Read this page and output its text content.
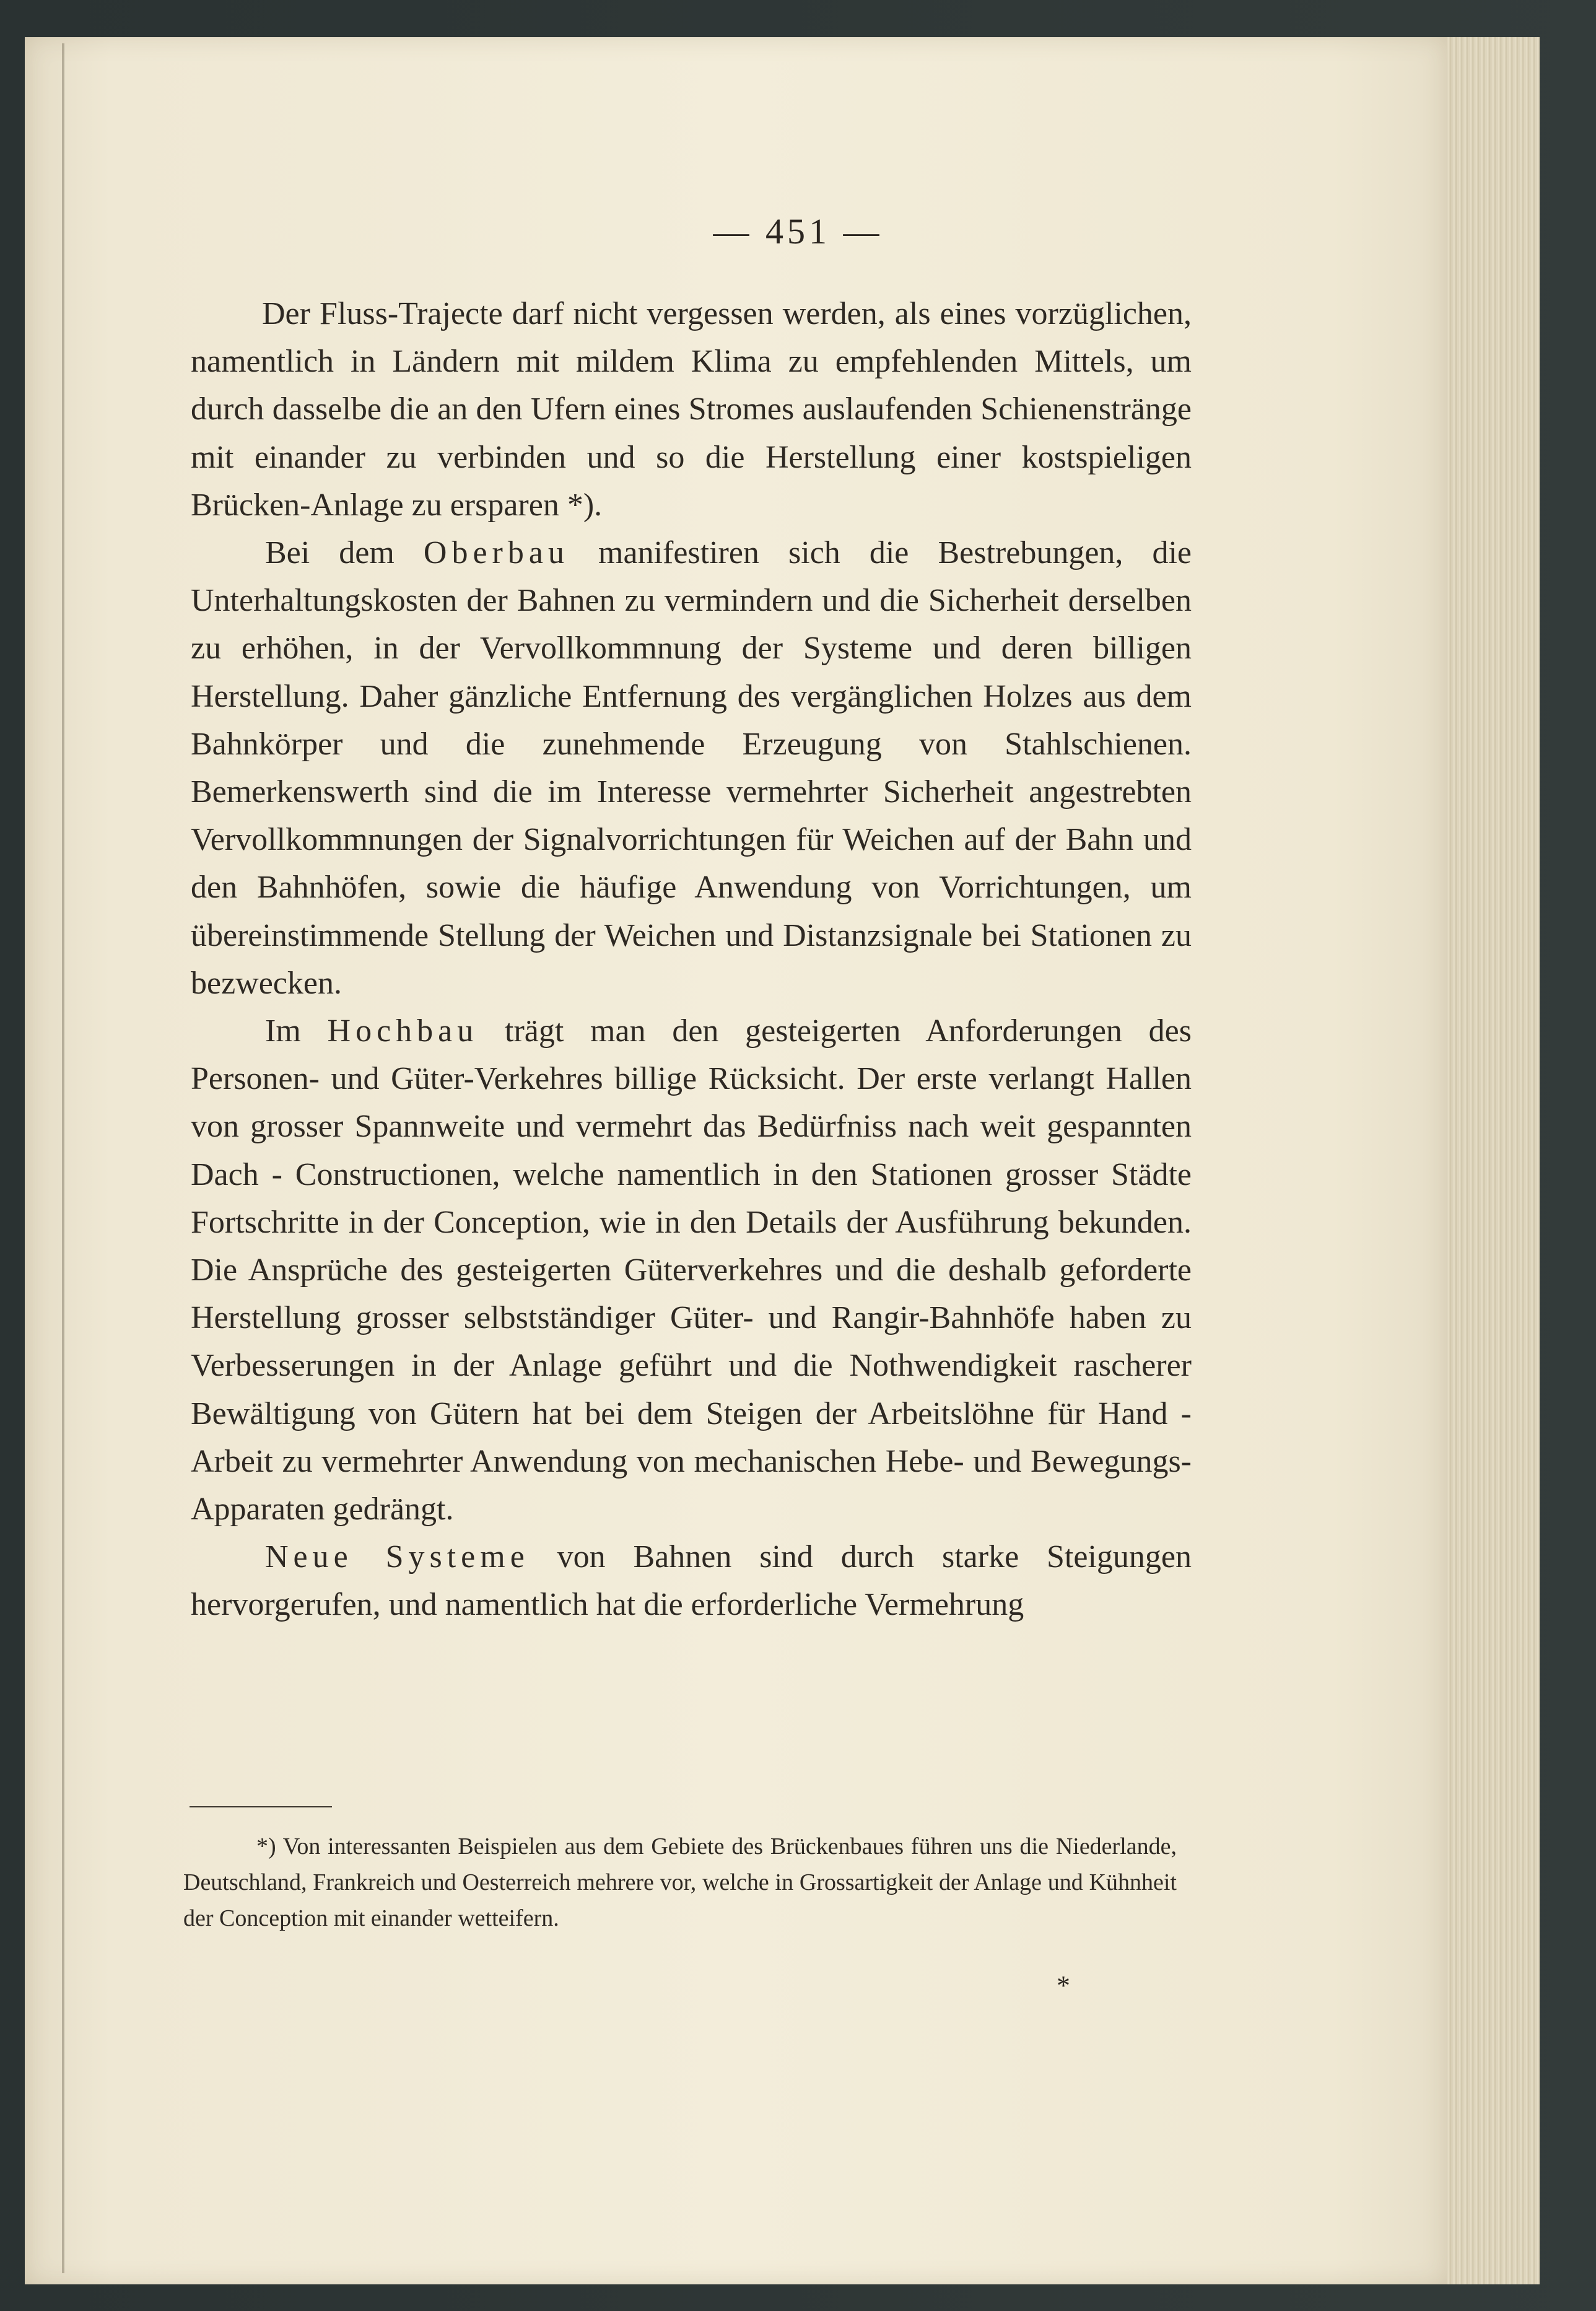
— 451 —

Der Fluss-Trajecte darf nicht vergessen werden, als eines vorzüglichen, namentlich in Ländern mit mildem Klima zu empfehlenden Mittels, um durch dasselbe die an den Ufern eines Stromes auslaufenden Schienenstränge mit einander zu verbinden und so die Herstellung einer kostspieligen Brücken-Anlage zu ersparen *).

Bei dem Oberbau manifestiren sich die Bestrebungen, die Unterhaltungskosten der Bahnen zu vermindern und die Sicherheit derselben zu erhöhen, in der Vervollkommnung der Systeme und deren billigen Herstellung. Daher gänzliche Entfernung des vergänglichen Holzes aus dem Bahnkörper und die zunehmende Erzeugung von Stahlschienen. Bemerkenswerth sind die im Interesse vermehrter Sicherheit angestrebten Vervollkommnungen der Signalvorrichtungen für Weichen auf der Bahn und den Bahnhöfen, sowie die häufige Anwendung von Vorrichtungen, um übereinstimmende Stellung der Weichen und Distanzsignale bei Stationen zu bezwecken.

Im Hochbau trägt man den gesteigerten Anforderungen des Personen- und Güter-Verkehres billige Rücksicht. Der erste verlangt Hallen von grosser Spannweite und vermehrt das Bedürfniss nach weit gespannten Dach - Constructionen, welche namentlich in den Stationen grosser Städte Fortschritte in der Conception, wie in den Details der Ausführung bekunden. Die Ansprüche des gesteigerten Güterverkehres und die deshalb geforderte Herstellung grosser selbstständiger Güter- und Rangir-Bahnhöfe haben zu Verbesserungen in der Anlage geführt und die Nothwendigkeit rascherer Bewältigung von Gütern hat bei dem Steigen der Arbeitslöhne für Hand - Arbeit zu vermehrter Anwendung von mechanischen Hebe- und Bewegungs-Apparaten gedrängt.

Neue Systeme von Bahnen sind durch starke Steigungen hervorgerufen, und namentlich hat die erforderliche Vermehrung

*) Von interessanten Beispielen aus dem Gebiete des Brückenbaues führen uns die Niederlande, Deutschland, Frankreich und Oesterreich mehrere vor, welche in Grossartigkeit der Anlage und Kühnheit der Conception mit einander wetteifern.

*
